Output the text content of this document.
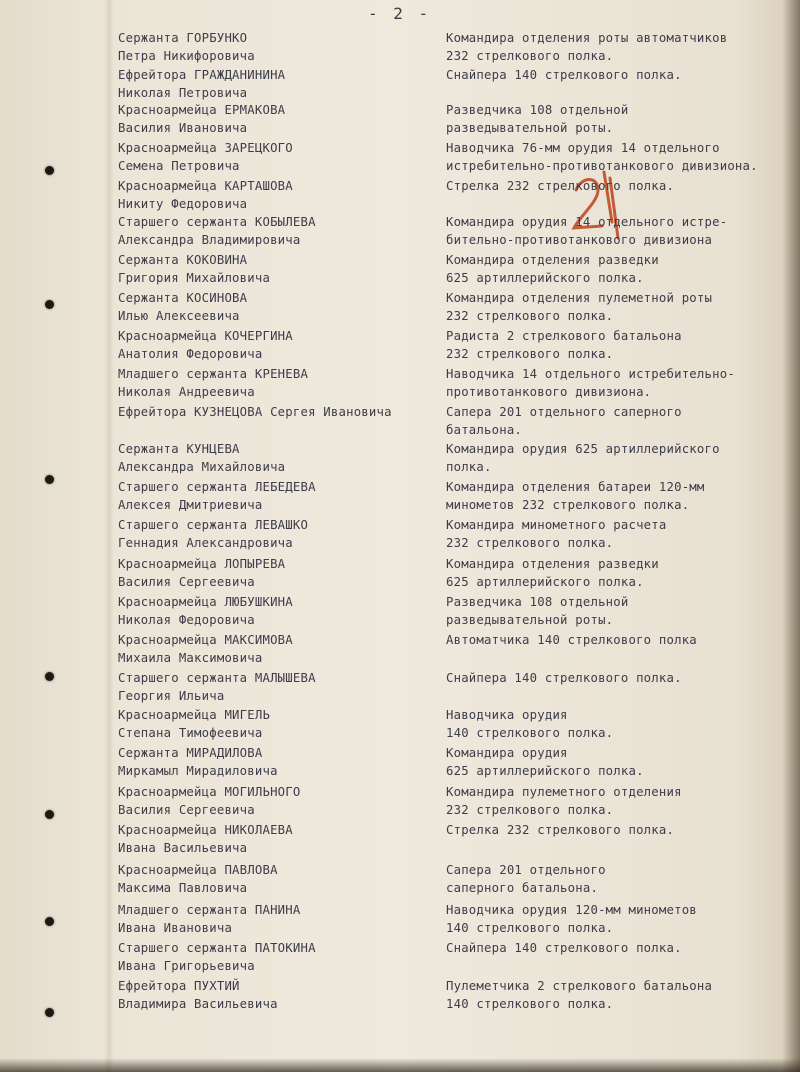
- 2 -
Сержанта ГОРБУНКО
Петра Никифоровича
Командира отделения роты автоматчиков
232 стрелкового полка.
Ефрейтора ГРАЖДАНИНИНА
Николая Петровича
Снайпера 140 стрелкового полка.
Красноармейца ЕРМАКОВА
Василия Ивановича
Разведчика 108 отдельной
разведывательной роты.
Красноармейца ЗАРЕЦКОГО
Семена Петровича
Наводчика 76-мм орудия 14 отдельного
истребительно-противотанкового дивизиона.
Красноармейца КАРТАШОВА
Никиту Федоровича
Стрелка 232 стрелкового полка.
Старшего сержанта КОБЫЛЕВА
Александра Владимировича
Командира орудия 14 отдельного истре-
бительно-противотанкового дивизиона
Сержанта КОКОВИНА
Григория Михайловича
Командира отделения разведки
625 артиллерийского полка.
Сержанта КОСИНОВА
Илью Алексеевича
Командира отделения пулеметной роты
232 стрелкового полка.
Красноармейца КОЧЕРГИНА
Анатолия Федоровича
Радиста 2 стрелкового батальона
232 стрелкового полка.
Младшего сержанта КРЕНЕВА
Николая Андреевича
Наводчика 14 отдельного истребительно-
противотанкового дивизиона.
Ефрейтора КУЗНЕЦОВА Сергея Ивановича	Сапера 201 отдельного саперного
батальона.
Сержанта КУНЦЕВА
Александра Михайловича
Командира орудия 625 артиллерийского
полка.
Старшего сержанта ЛЕБЕДЕВА
Алексея Дмитриевича
Командира отделения батареи 120-мм
минометов 232 стрелкового полка.
Старшего сержанта ЛЕВАШКО
Геннадия Александровича
Командира минометного расчета
232 стрелкового полка.
Красноармейца ЛОПЫРЕВА
Василия Сергеевича
Командира отделения разведки
625 артиллерийского полка.
Красноармейца ЛЮБУШКИНА
Николая Федоровича
Разведчика 108 отдельной
разведывательной роты.
Красноармейца МАКСИМОВА
Михаила Максимовича
Автоматчика 140 стрелкового полка
Старшего сержанта МАЛЫШЕВА
Георгия Ильича
Снайпера 140 стрелкового полка.
Красноармейца МИГЕЛЬ
Степана Тимофеевича
Наводчика орудия
140 стрелкового полка.
Сержанта МИРАДИЛОВА
Миркамыл Мирадиловича
Командира орудия
625 артиллерийского полка.
Красноармейца МОГИЛЬНОГО
Василия Сергеевича
Командира пулеметного отделения
232 стрелкового полка.
Красноармейца НИКОЛАЕВА
Ивана Васильевича
Стрелка 232 стрелкового полка.
Красноармейца ПАВЛОВА
Максима Павловича
Сапера 201 отдельного
саперного батальона.
Младшего сержанта ПАНИНА
Ивана Ивановича
Наводчика орудия 120-мм минометов
140 стрелкового полка.
Старшего сержанта ПАТОКИНА
Ивана Григорьевича
Снайпера 140 стрелкового полка.
Ефрейтора ПУХТИЙ
Владимира Васильевича
Пулеметчика 2 стрелкового батальона
140 стрелкового полка.
